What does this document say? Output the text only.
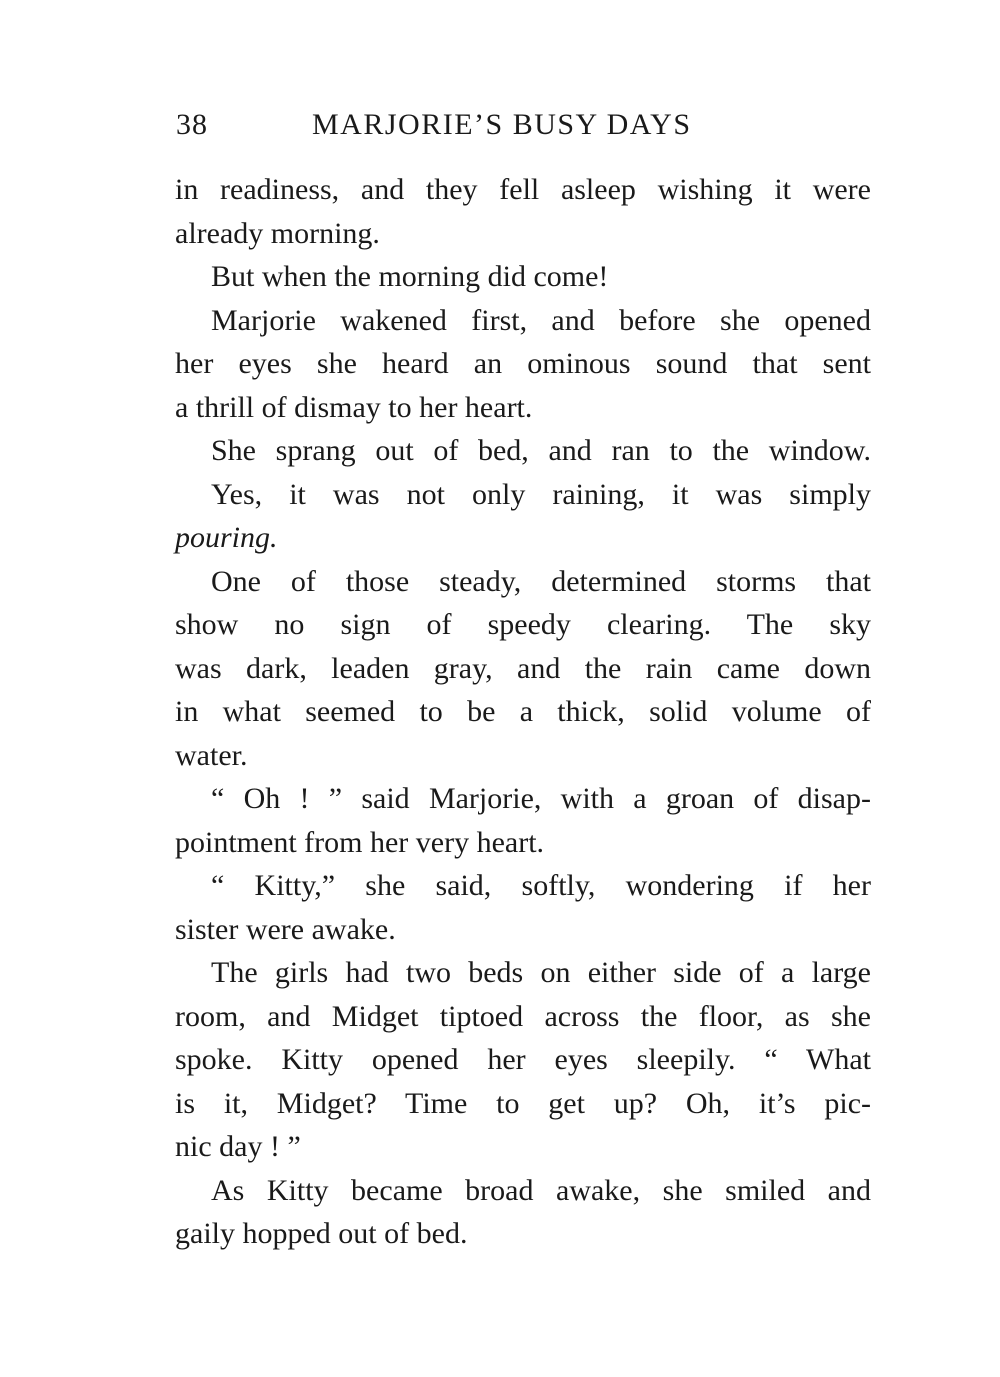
38	MARJORIE’S BUSY DAYS
in readiness, and they fell asleep wishing it were
already morning.
But when the morning did come!
Marjorie wakened first, and before she opened
her eyes she heard an ominous sound that sent
a thrill of dismay to her heart.
She sprang out of bed, and ran to the window.
Yes, it was not only raining, it was simply
pouring.
One of those steady, determined storms that
show no sign of speedy clearing. The sky
was dark, leaden gray, and the rain came down
in what seemed to be a thick, solid volume of
water.
“ Oh ! ” said Marjorie, with a groan of disap-
pointment from her very heart.
“ Kitty,” she said, softly, wondering if her
sister were awake.
The girls had two beds on either side of a large
room, and Midget tiptoed across the floor, as she
spoke. Kitty opened her eyes sleepily. “ What
is it, Midget? Time to get up? Oh, it’s pic-
nic day ! ”
As Kitty became broad awake, she smiled and
gaily hopped out of bed.
